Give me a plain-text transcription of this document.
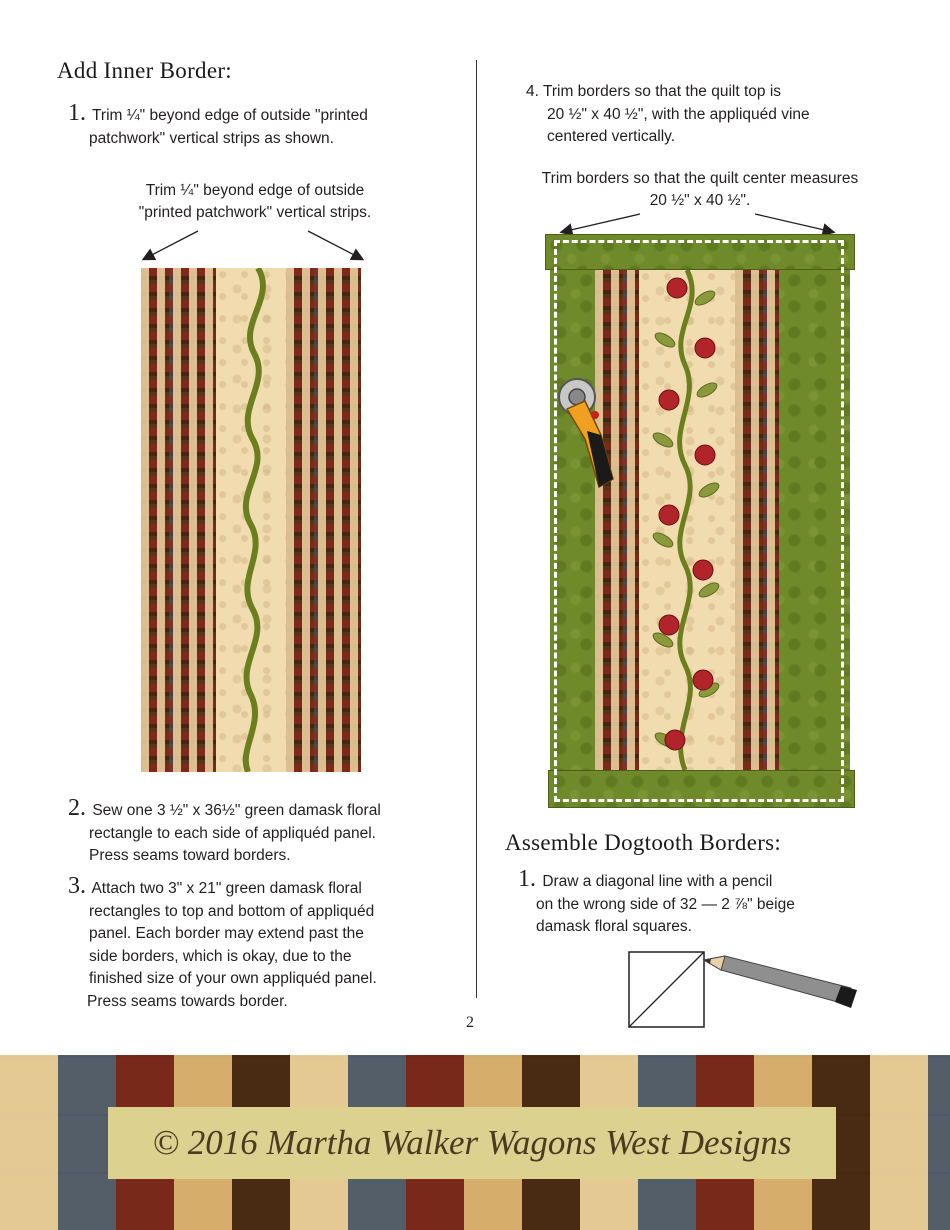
Add Inner Border:
1. Trim ¼" beyond edge of outside "printed
patchwork" vertical strips as shown.
Trim ¼" beyond edge of outside
"printed patchwork" vertical strips.
2. Sew one 3 ½" x 36½" green damask floral
rectangle to each side of appliquéd panel.
Press seams toward borders.
3. Attach two 3" x 21" green damask floral
rectangles to top and bottom of appliquéd
panel. Each border may extend past the
side borders, which is okay, due to the
finished size of your own appliquéd panel.
Press seams towards border.
4. Trim borders so that the quilt top is
20 ½" x 40 ½", with the appliquéd vine
centered vertically.
Trim borders so that the quilt center measures
20 ½" x 40 ½".
Assemble Dogtooth Borders:
1. Draw a diagonal line with a pencil
on the wrong side of 32 — 2 ⅞" beige
damask floral squares.
2
© 2016 Martha Walker Wagons West Designs
